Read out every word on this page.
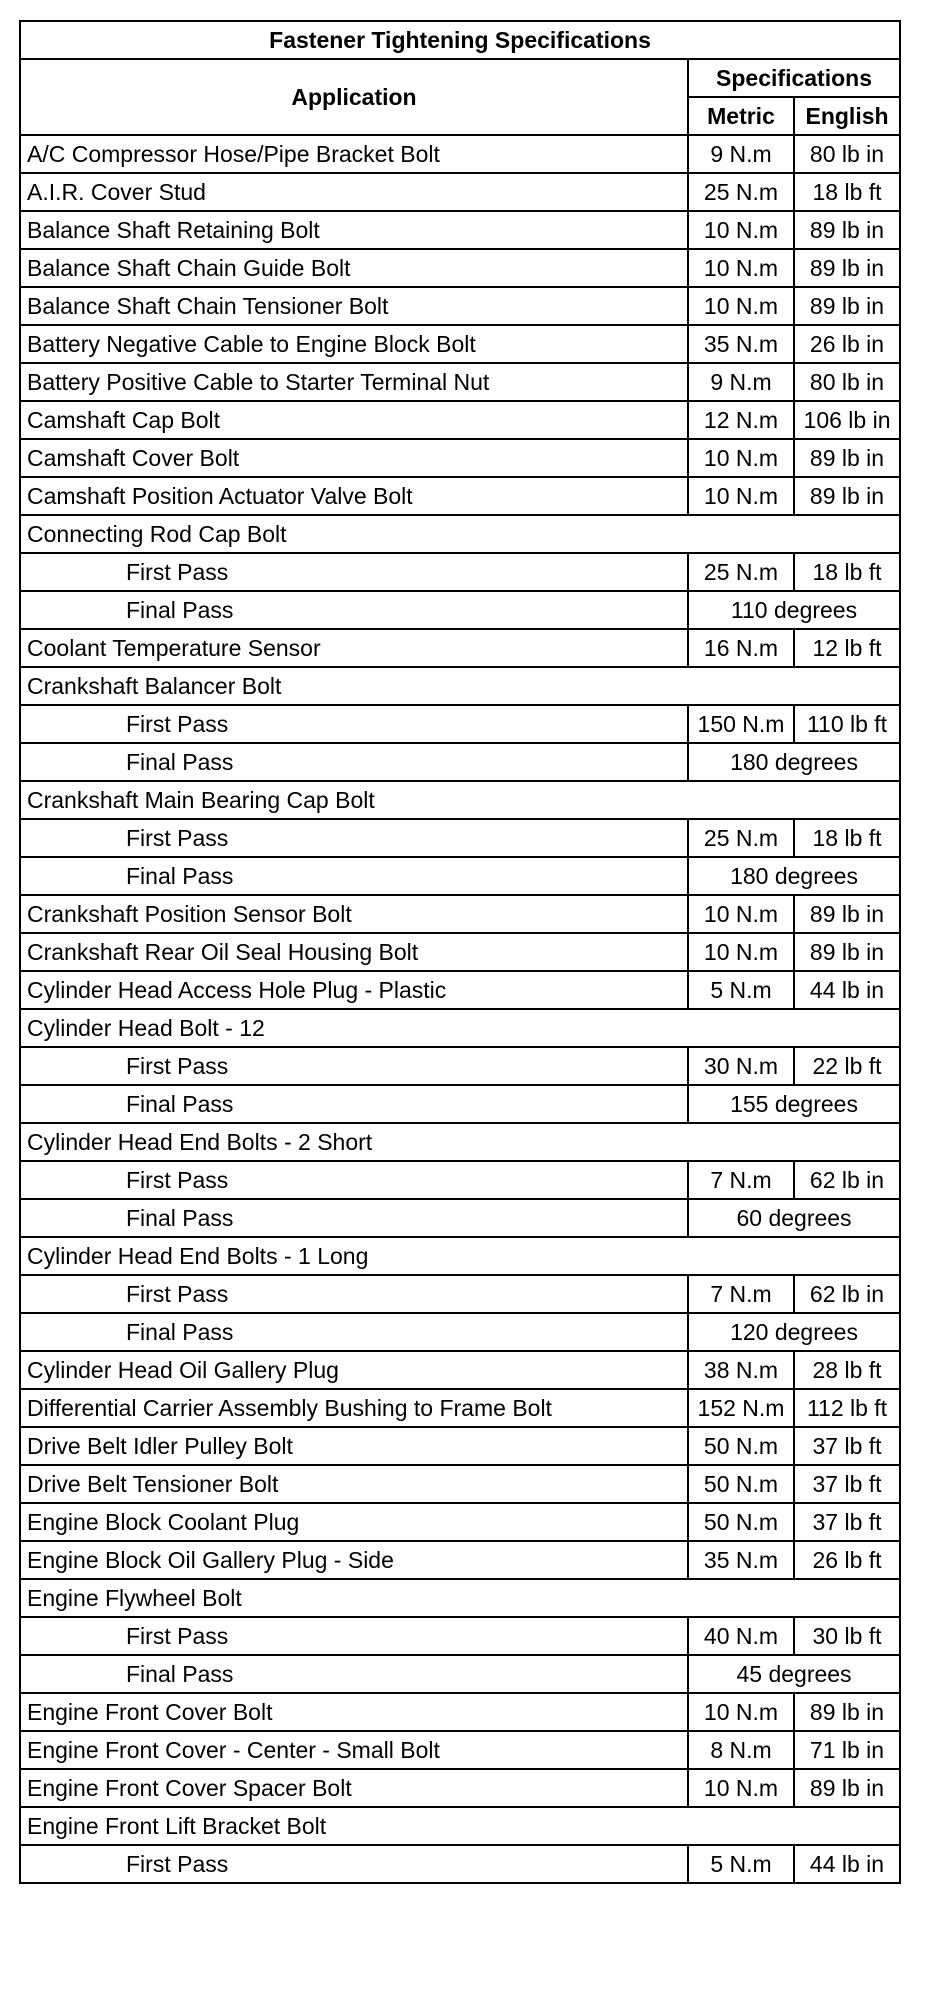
Fastener Tightening Specifications		
Application	Specifications	
	Metric	English
A/C Compressor Hose/Pipe Bracket Bolt	9 N.m	80 lb in
A.I.R. Cover Stud	25 N.m	18 lb ft
Balance Shaft Retaining Bolt	10 N.m	89 lb in
Balance Shaft Chain Guide Bolt	10 N.m	89 lb in
Balance Shaft Chain Tensioner Bolt	10 N.m	89 lb in
Battery Negative Cable to Engine Block Bolt	35 N.m	26 lb in
Battery Positive Cable to Starter Terminal Nut	9 N.m	80 lb in
Camshaft Cap Bolt	12 N.m	106 lb in
Camshaft Cover Bolt	10 N.m	89 lb in
Camshaft Position Actuator Valve Bolt	10 N.m	89 lb in
Connecting Rod Cap Bolt		
First Pass	25 N.m	18 lb ft
Final Pass	110 degrees	
Coolant Temperature Sensor	16 N.m	12 lb ft
Crankshaft Balancer Bolt		
First Pass	150 N.m	110 lb ft
Final Pass	180 degrees	
Crankshaft Main Bearing Cap Bolt		
First Pass	25 N.m	18 lb ft
Final Pass	180 degrees	
Crankshaft Position Sensor Bolt	10 N.m	89 lb in
Crankshaft Rear Oil Seal Housing Bolt	10 N.m	89 lb in
Cylinder Head Access Hole Plug - Plastic	5 N.m	44 lb in
Cylinder Head Bolt - 12		
First Pass	30 N.m	22 lb ft
Final Pass	155 degrees	
Cylinder Head End Bolts - 2 Short		
First Pass	7 N.m	62 lb in
Final Pass	60 degrees	
Cylinder Head End Bolts - 1 Long		
First Pass	7 N.m	62 lb in
Final Pass	120 degrees	
Cylinder Head Oil Gallery Plug	38 N.m	28 lb ft
Differential Carrier Assembly Bushing to Frame Bolt	152 N.m	112 lb ft
Drive Belt Idler Pulley Bolt	50 N.m	37 lb ft
Drive Belt Tensioner Bolt	50 N.m	37 lb ft
Engine Block Coolant Plug	50 N.m	37 lb ft
Engine Block Oil Gallery Plug - Side	35 N.m	26 lb ft
Engine Flywheel Bolt		
First Pass	40 N.m	30 lb ft
Final Pass	45 degrees	
Engine Front Cover Bolt	10 N.m	89 lb in
Engine Front Cover - Center - Small Bolt	8 N.m	71 lb in
Engine Front Cover Spacer Bolt	10 N.m	89 lb in
Engine Front Lift Bracket Bolt		
First Pass	5 N.m	44 lb in
